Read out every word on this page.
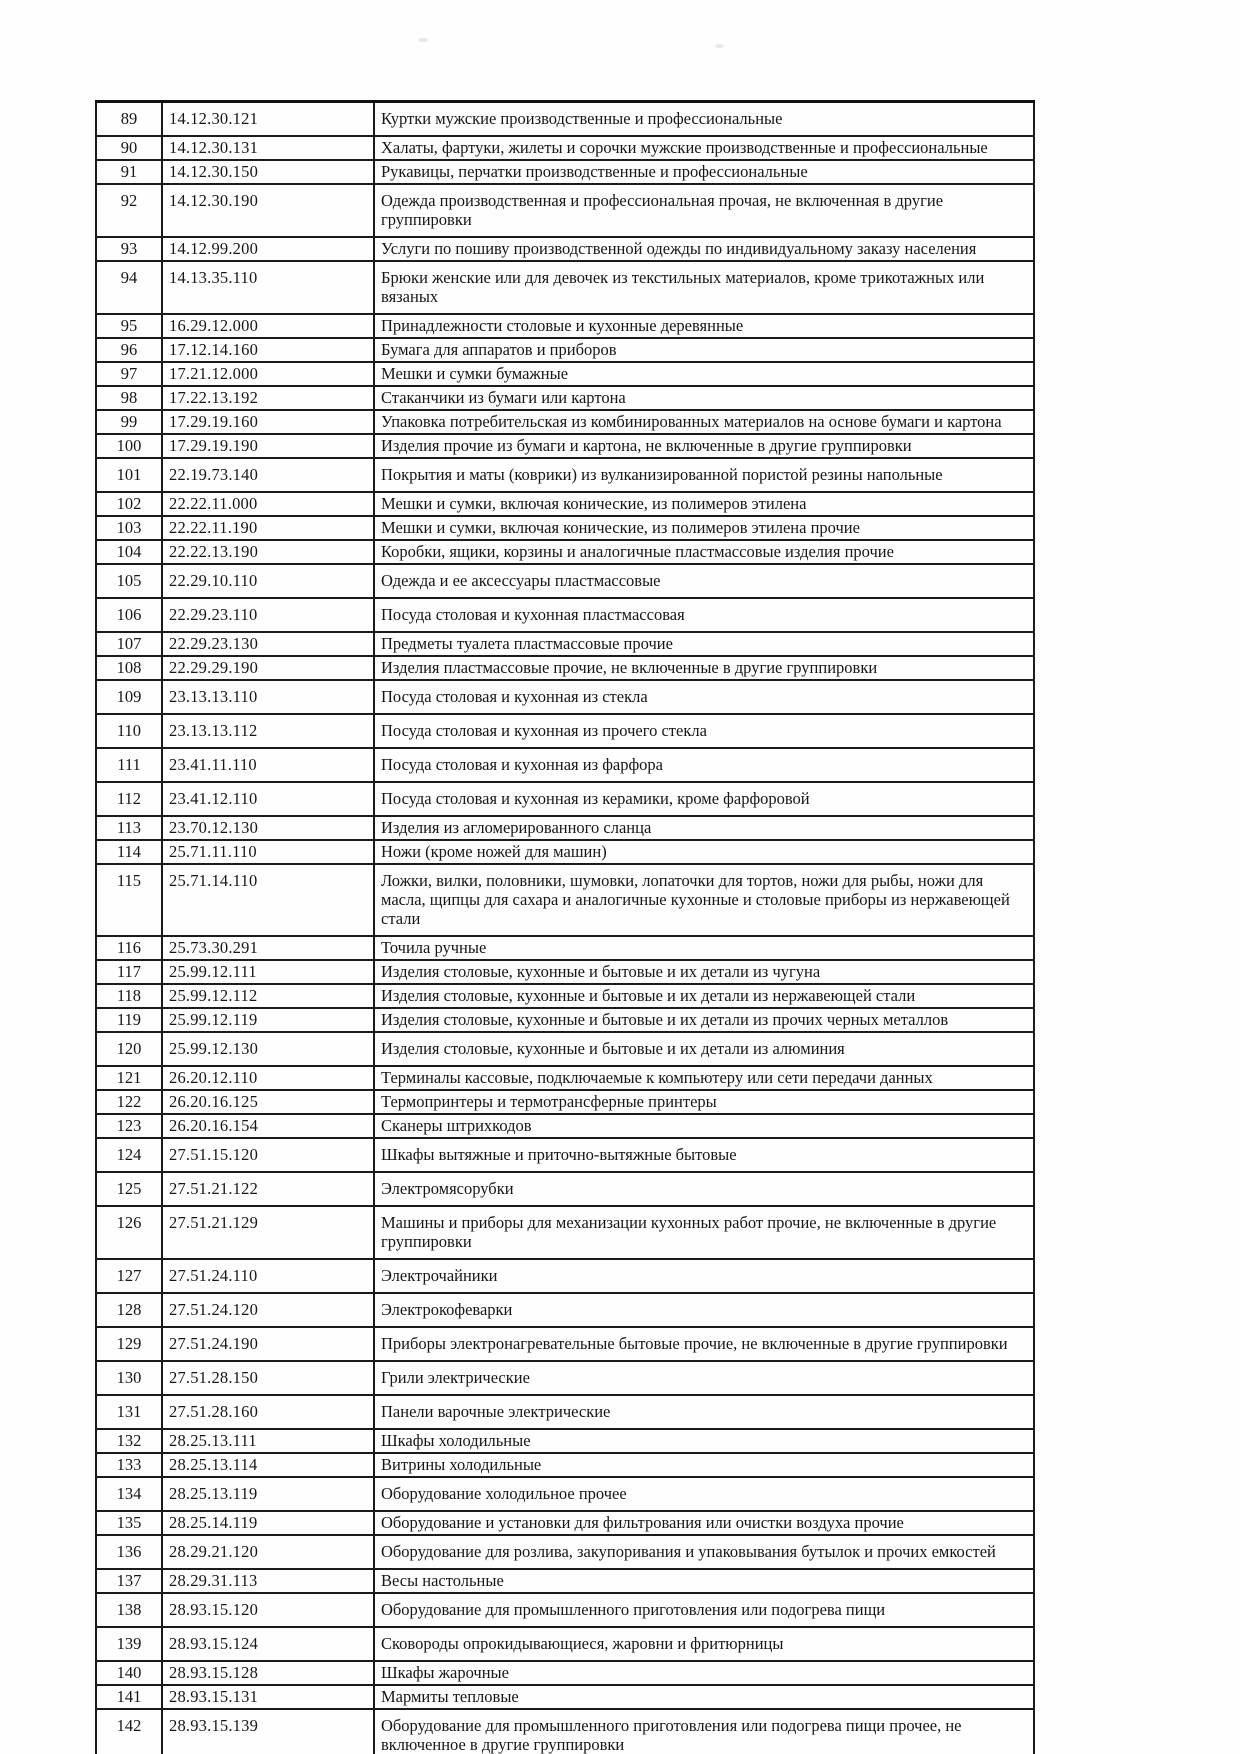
89	14.12.30.121	Куртки мужские производственные и профессиональные
90	14.12.30.131	Халаты, фартуки, жилеты и сорочки мужские производственные и профессиональные
91	14.12.30.150	Рукавицы, перчатки производственные и профессиональные
92	14.12.30.190	Одежда производственная и профессиональная прочая, не включенная в другие группировки
93	14.12.99.200	Услуги по пошиву производственной одежды по индивидуальному заказу населения
94	14.13.35.110	Брюки женские или для девочек из текстильных материалов, кроме трикотажных или вязаных
95	16.29.12.000	Принадлежности столовые и кухонные деревянные
96	17.12.14.160	Бумага для аппаратов и приборов
97	17.21.12.000	Мешки и сумки бумажные
98	17.22.13.192	Стаканчики из бумаги или картона
99	17.29.19.160	Упаковка потребительская из комбинированных материалов на основе бумаги и картона
100	17.29.19.190	Изделия прочие из бумаги и картона, не включенные в другие группировки
101	22.19.73.140	Покрытия и маты (коврики) из вулканизированной пористой резины напольные
102	22.22.11.000	Мешки и сумки, включая конические, из полимеров этилена
103	22.22.11.190	Мешки и сумки, включая конические, из полимеров этилена прочие
104	22.22.13.190	Коробки, ящики, корзины и аналогичные пластмассовые изделия прочие
105	22.29.10.110	Одежда и ее аксессуары пластмассовые
106	22.29.23.110	Посуда столовая и кухонная пластмассовая
107	22.29.23.130	Предметы туалета пластмассовые прочие
108	22.29.29.190	Изделия пластмассовые прочие, не включенные в другие группировки
109	23.13.13.110	Посуда столовая и кухонная из стекла
110	23.13.13.112	Посуда столовая и кухонная из прочего стекла
111	23.41.11.110	Посуда столовая и кухонная из фарфора
112	23.41.12.110	Посуда столовая и кухонная из керамики, кроме фарфоровой
113	23.70.12.130	Изделия из агломерированного сланца
114	25.71.11.110	Ножи (кроме ножей для машин)
115	25.71.14.110	Ложки, вилки, половники, шумовки, лопаточки для тортов, ножи для рыбы, ножи для масла, щипцы для сахара и аналогичные кухонные и столовые приборы из нержавеющей стали
116	25.73.30.291	Точила ручные
117	25.99.12.111	Изделия столовые, кухонные и бытовые и их детали из чугуна
118	25.99.12.112	Изделия столовые, кухонные и бытовые и их детали из нержавеющей стали
119	25.99.12.119	Изделия столовые, кухонные и бытовые и их детали из прочих черных металлов
120	25.99.12.130	Изделия столовые, кухонные и бытовые и их детали из алюминия
121	26.20.12.110	Терминалы кассовые, подключаемые к компьютеру или сети передачи данных
122	26.20.16.125	Термопринтеры и термотрансферные принтеры
123	26.20.16.154	Сканеры штрихкодов
124	27.51.15.120	Шкафы вытяжные и приточно-вытяжные бытовые
125	27.51.21.122	Электромясорубки
126	27.51.21.129	Машины и приборы для механизации кухонных работ прочие, не включенные в другие группировки
127	27.51.24.110	Электрочайники
128	27.51.24.120	Электрокофеварки
129	27.51.24.190	Приборы электронагревательные бытовые прочие, не включенные в другие группировки
130	27.51.28.150	Грили электрические
131	27.51.28.160	Панели варочные электрические
132	28.25.13.111	Шкафы холодильные
133	28.25.13.114	Витрины холодильные
134	28.25.13.119	Оборудование холодильное прочее
135	28.25.14.119	Оборудование и установки для фильтрования или очистки воздуха прочие
136	28.29.21.120	Оборудование для розлива, закупоривания и упаковывания бутылок и прочих емкостей
137	28.29.31.113	Весы настольные
138	28.93.15.120	Оборудование для промышленного приготовления или подогрева пищи
139	28.93.15.124	Сковороды опрокидывающиеся, жаровни и фритюрницы
140	28.93.15.128	Шкафы жарочные
141	28.93.15.131	Мармиты тепловые
142	28.93.15.139	Оборудование для промышленного приготовления или подогрева пищи прочее, не включенное в другие группировки
